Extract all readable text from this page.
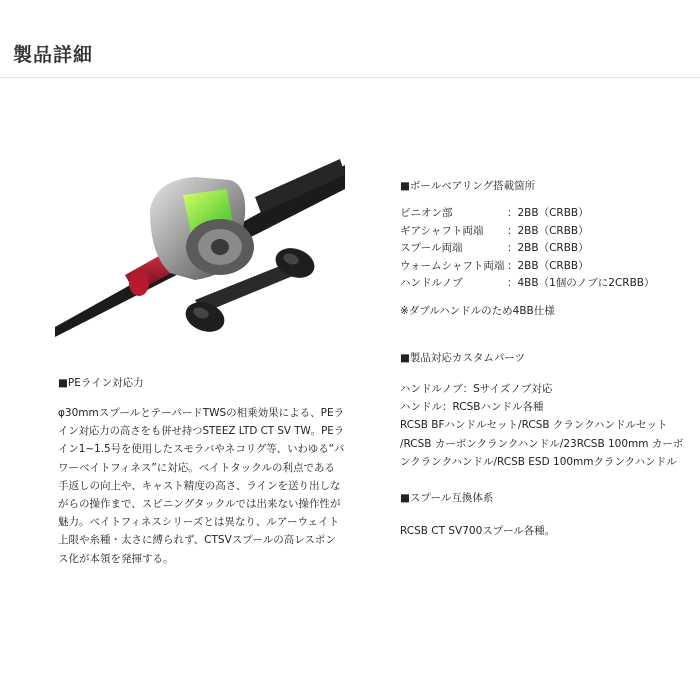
製品詳細
■PEライン対応力
φ30mmスプールとテーパードTWSの相乗効果による、PEラ
イン対応力の高さをも併せ持つSTEEZ LTD CT SV TW。PEラ
イン1~1.5号を使用したスモラバやネコリグ等、いわゆる“パ
ワーベイトフィネス”に対応。ベイトタックルの利点である
手返しの向上や、キャスト精度の高さ、ラインを送り出しな
がらの操作まで、スピニングタックルでは出来ない操作性が
魅力。ベイトフィネスシリーズとは異なり、ルアーウェイト
上限や糸種・太さに縛られず、CTSVスプールの高レスポン
ス化が本領を発揮する。
■ボールベアリング搭載箇所
ピニオン部	：2BB（CRBB）
ギアシャフト両端 ：2BB（CRBB）
スプール両端	：2BB（CRBB）
ウォームシャフト両端 ：2BB（CRBB）
ハンドルノブ	：4BB（1個のノブに2CRBB）
※ダブルハンドルのため4BB仕様
■製品対応カスタムパーツ
ハンドルノブ：Sサイズノブ対応
ハンドル：RCSBハンドル各種
RCSB BFハンドルセット/RCSB クランクハンドルセット
/RCSB カーボンクランクハンドル/23RCSB 100mm カーボ
ンクランクハンドル/RCSB ESD 100mmクランクハンドル
■スプール互換体系
RCSB CT SV700スプール各種。
